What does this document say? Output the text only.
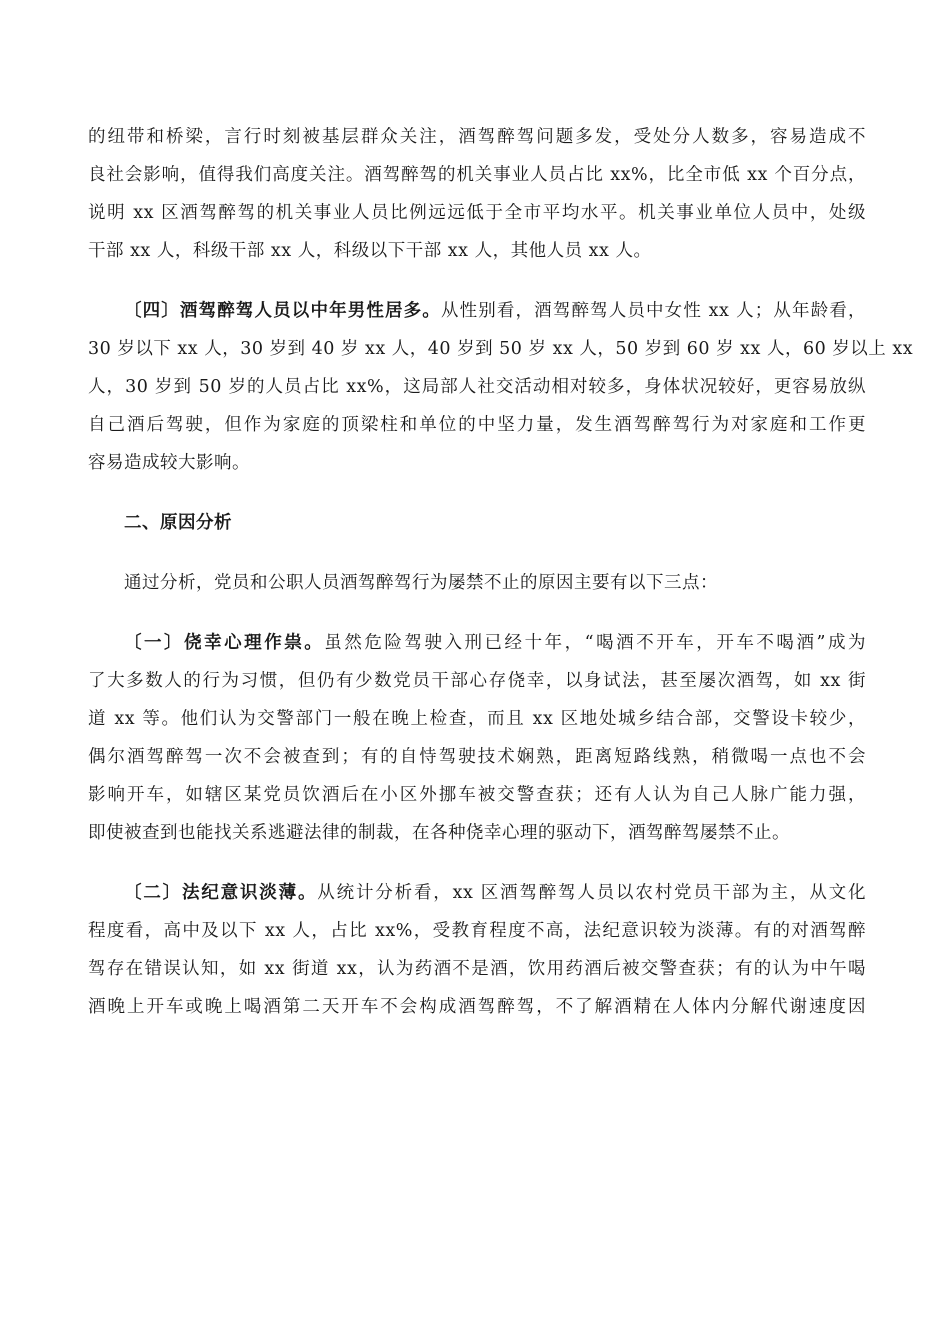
的纽带和桥梁，言行时刻被基层群众关注，酒驾醉驾问题多发，受处分人数多，容易造成不
良社会影响，值得我们高度关注。酒驾醉驾的机关事业人员占比 xx%，比全市低 xx 个百分点，
说明 xx 区酒驾醉驾的机关事业人员比例远远低于全市平均水平。机关事业单位人员中，处级
干部 xx 人，科级干部 xx 人，科级以下干部 xx 人，其他人员 xx 人。
〔四〕酒驾醉驾人员以中年男性居多。从性别看，酒驾醉驾人员中女性 xx 人；从年龄看，
30 岁以下 xx 人，30 岁到 40 岁 xx 人，40 岁到 50 岁 xx 人，50 岁到 60 岁 xx 人，60 岁以上 xx
人，30 岁到 50 岁的人员占比 xx%，这局部人社交活动相对较多，身体状况较好，更容易放纵
自己酒后驾驶，但作为家庭的顶梁柱和单位的中坚力量，发生酒驾醉驾行为对家庭和工作更
容易造成较大影响。
二、原因分析
通过分析，党员和公职人员酒驾醉驾行为屡禁不止的原因主要有以下三点：
〔一〕侥幸心理作祟。虽然危险驾驶入刑已经十年，“喝酒不开车，开车不喝酒”成为
了大多数人的行为习惯，但仍有少数党员干部心存侥幸，以身试法，甚至屡次酒驾，如 xx 街
道 xx 等。他们认为交警部门一般在晚上检查，而且 xx 区地处城乡结合部，交警设卡较少，
偶尔酒驾醉驾一次不会被查到；有的自恃驾驶技术娴熟，距离短路线熟，稍微喝一点也不会
影响开车，如辖区某党员饮酒后在小区外挪车被交警查获；还有人认为自己人脉广能力强，
即使被查到也能找关系逃避法律的制裁，在各种侥幸心理的驱动下，酒驾醉驾屡禁不止。
〔二〕法纪意识淡薄。从统计分析看，xx 区酒驾醉驾人员以农村党员干部为主，从文化
程度看，高中及以下 xx 人，占比 xx%，受教育程度不高，法纪意识较为淡薄。有的对酒驾醉
驾存在错误认知，如 xx 街道 xx，认为药酒不是酒，饮用药酒后被交警查获；有的认为中午喝
酒晚上开车或晚上喝酒第二天开车不会构成酒驾醉驾，不了解酒精在人体内分解代谢速度因
